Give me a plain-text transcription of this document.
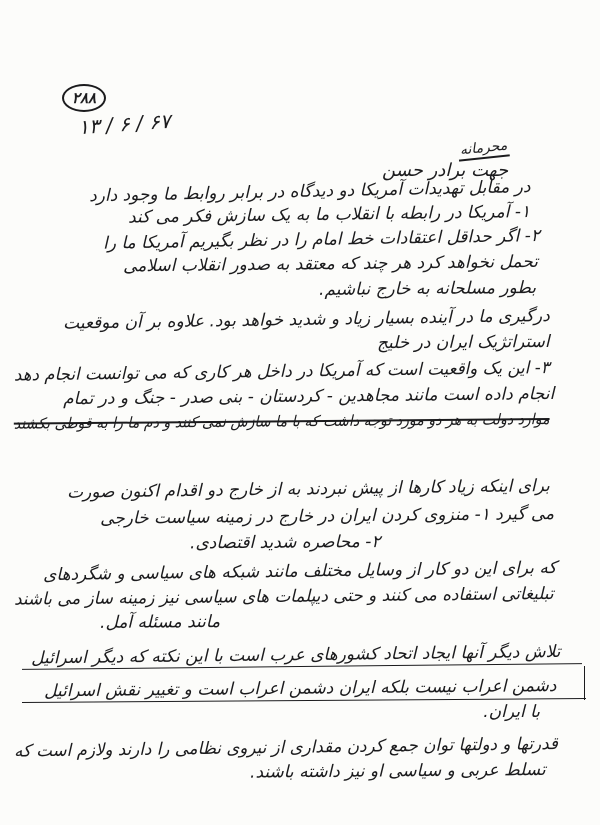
۲۸۸
۱۳ / ۶ / ۶۷
محرمانه
جهت برادر حسن
در مقابل تهدیدات آمریکا دو دیدگاه در برابر روابط ما وجود دارد
۱- آمریکا در رابطه با انقلاب ما به یک سازش فکر می کند
۲- اگر حداقل اعتقادات خط امام را در نظر بگیریم آمریکا ما را
تحمل نخواهد کرد هر چند که معتقد به صدور انقلاب اسلامی
بطور مسلحانه به خارج نباشیم.
درگیری ما در آینده بسیار زیاد و شدید خواهد بود. علاوه بر آن موقعیت
استراتژیک ایران در خلیج
۳- این یک واقعیت است که آمریکا در داخل هر کاری که می توانست انجام دهد
انجام داده است مانند مجاهدین - کردستان - بنی صدر - جنگ و در تمام
موارد دولت به هر دو مورد توجه داشت که با ما سازش نمی کنند و دم ما را به قوطی بکشند
برای اینکه زیاد کارها از پیش نبردند به از خارج دو اقدام اکنون صورت
می گیرد ۱- منزوی کردن ایران در خارج در زمینه سیاست خارجی
۲- محاصره شدید اقتصادی.
که برای این دو کار از وسایل مختلف مانند شبکه های سیاسی و شگردهای
تبلیغاتی استفاده می کنند و حتی دیپلمات های سیاسی نیز زمینه ساز می باشند
مانند مسئله آمل.
تلاش دیگر آنها ایجاد اتحاد کشورهای عرب است با این نکته که دیگر اسرائیل
دشمن اعراب نیست بلکه ایران دشمن اعراب است و تغییر نقش اسرائیل
با ایران.
قدرتها و دولتها توان جمع کردن مقداری از نیروی نظامی را دارند ولازم است که
تسلط عربی و سیاسی او نیز داشته باشند.
